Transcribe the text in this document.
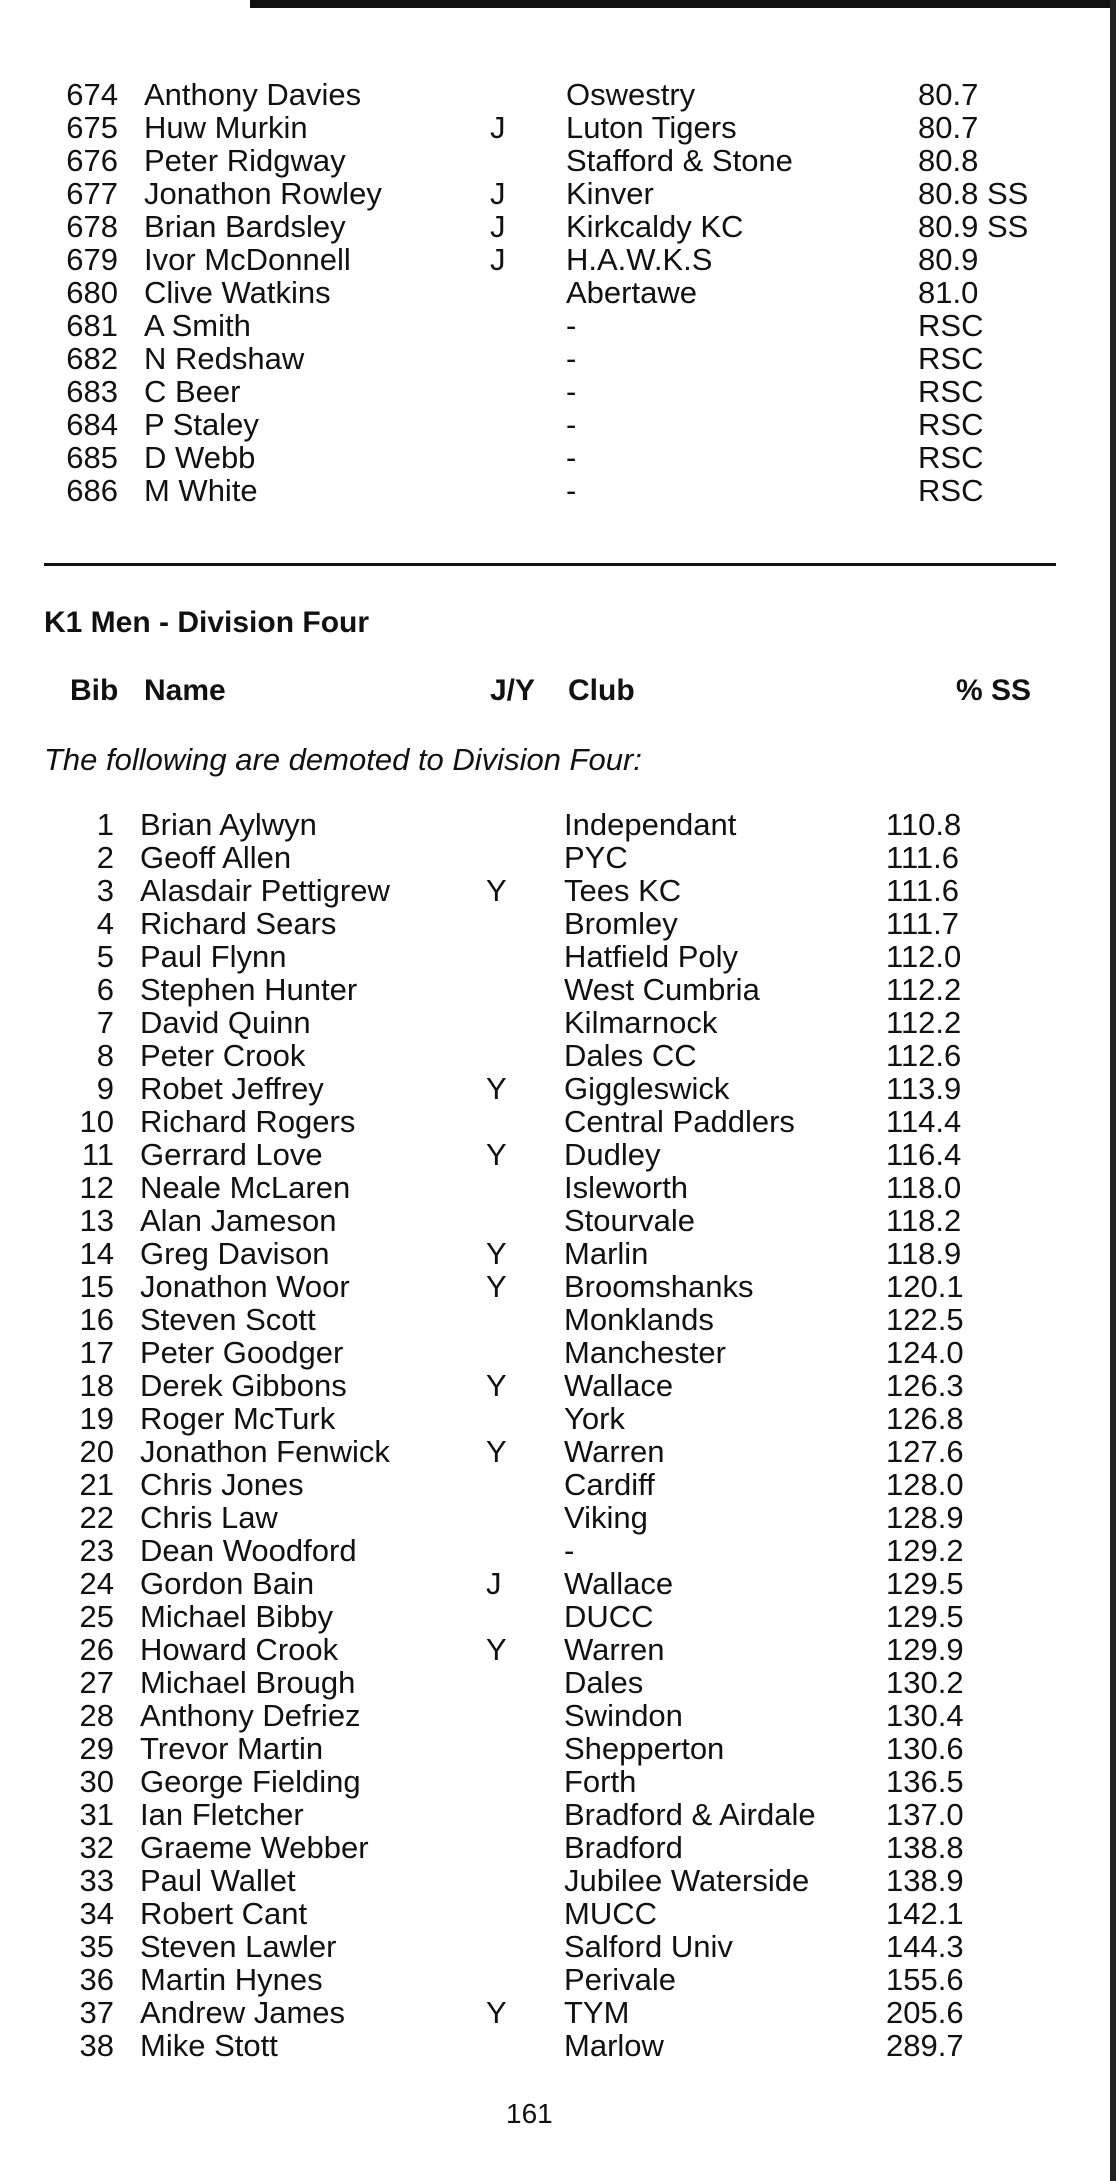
674 Anthony Davies	Oswestry	80.7
675 Huw Murkin	J Luton Tigers	80.7
676 Peter Ridgway	Stafford & Stone	80.8
677 Jonathon Rowley	J Kinver	80.8 SS
678 Brian Bardsley	J Kirkcaldy KC	80.9 SS
679 Ivor McDonnell	J H.A.W.K.S	80.9
680 Clive Watkins	Abertawe	81.0
681 A Smith	-	RSC
682 N Redshaw	-	RSC
683 C Beer	-	RSC
684 P Staley	-	RSC
685 D Webb	-	RSC
686 M White	-	RSC
K1 Men - Division Four
Bib Name	J/Y Club	% SS
The following are demoted to Division Four:
1 Brian Aylwyn	Independant	110.8
2 Geoff Allen	PYC	111.6
3 Alasdair Pettigrew	Y Tees KC	111.6
4 Richard Sears	Bromley	111.7
5 Paul Flynn	Hatfield Poly	112.0
6 Stephen Hunter	West Cumbria	112.2
7 David Quinn	Kilmarnock	112.2
8 Peter Crook	Dales CC	112.6
9 Robet Jeffrey	Y Giggleswick	113.9
10 Richard Rogers	Central Paddlers	114.4
11 Gerrard Love	Y Dudley	116.4
12 Neale McLaren	Isleworth	118.0
13 Alan Jameson	Stourvale	118.2
14 Greg Davison	Y Marlin	118.9
15 Jonathon Woor	Y Broomshanks	120.1
16 Steven Scott	Monklands	122.5
17 Peter Goodger	Manchester	124.0
18 Derek Gibbons	Y Wallace	126.3
19 Roger McTurk	York	126.8
20 Jonathon Fenwick	Y Warren	127.6
21 Chris Jones	Cardiff	128.0
22 Chris Law	Viking	128.9
23 Dean Woodford	-	129.2
24 Gordon Bain	J Wallace	129.5
25 Michael Bibby	DUCC	129.5
26 Howard Crook	Y Warren	129.9
27 Michael Brough	Dales	130.2
28 Anthony Defriez	Swindon	130.4
29 Trevor Martin	Shepperton	130.6
30 George Fielding	Forth	136.5
31 Ian Fletcher	Bradford & Airdale 137.0
32 Graeme Webber	Bradford	138.8
33 Paul Wallet	Jubilee Waterside 138.9
34 Robert Cant	MUCC	142.1
35 Steven Lawler	Salford Univ	144.3
36 Martin Hynes	Perivale	155.6
37 Andrew James	Y TYM	205.6
38 Mike Stott	Marlow	289.7
161
